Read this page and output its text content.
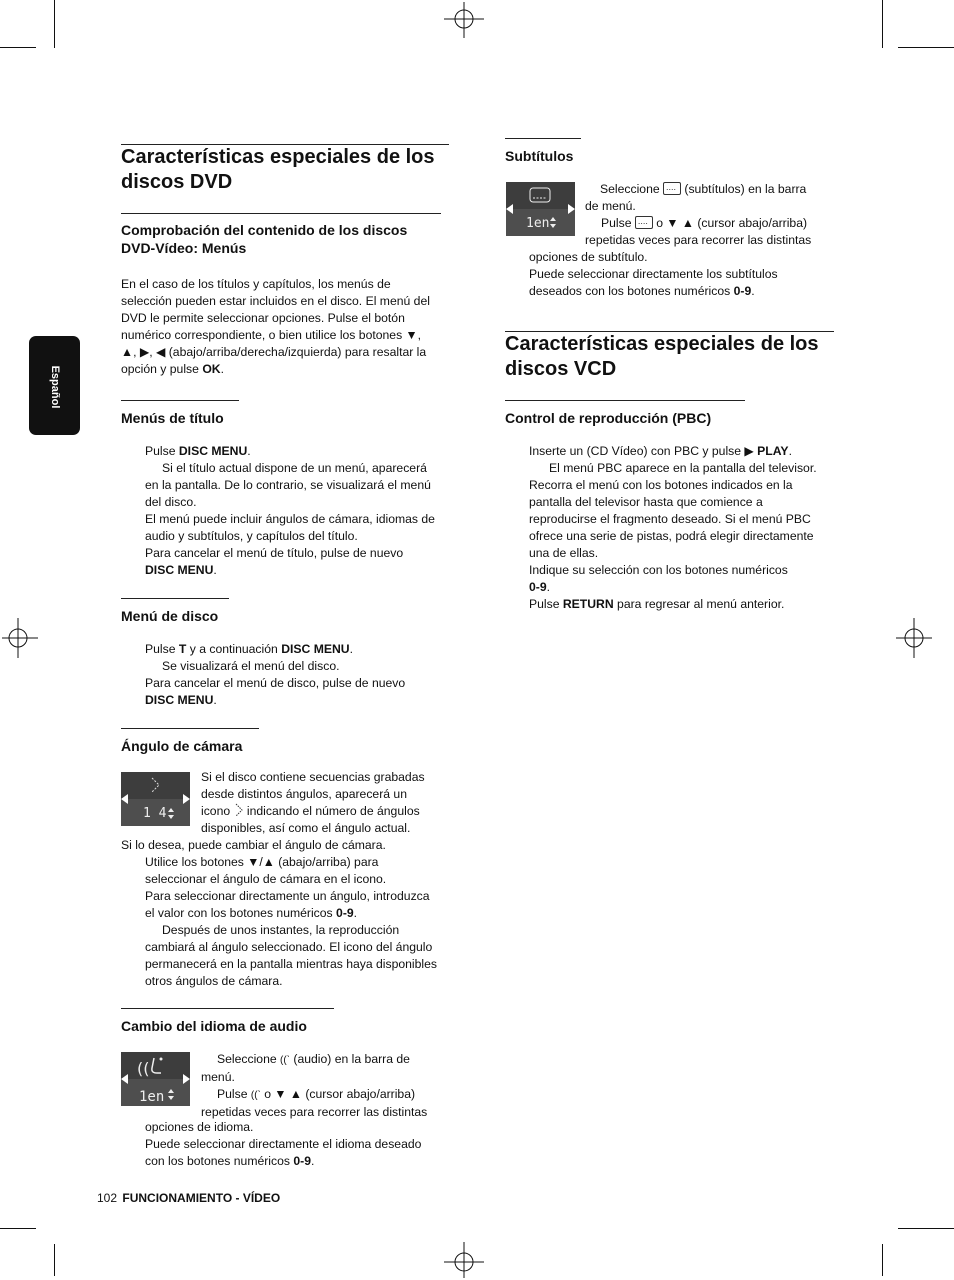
Español
Características especiales de los
discos DVD
Comprobación del contenido de los discos
DVD-Vídeo: Menús
En el caso de los títulos y capítulos, los menús de
selección pueden estar incluidos en el disco. El menú del
DVD le permite seleccionar opciones. Pulse el botón
numérico correspondiente, o bien utilice los botones ▼,
▲, ▶, ◀ (abajo/arriba/derecha/izquierda) para resaltar la
opción y pulse OK.
Menús de título
Pulse DISC MENU.
Si el título actual dispone de un menú, aparecerá
en la pantalla. De lo contrario, se visualizará el menú
del disco.
El menú puede incluir ángulos de cámara, idiomas de
audio y subtítulos, y capítulos del título.
Para cancelar el menú de título, pulse de nuevo
DISC MENU.
Menú de disco
Pulse T y a continuación DISC MENU.
Se visualizará el menú del disco.
Para cancelar el menú de disco, pulse de nuevo
DISC MENU.
Ángulo de cámara
1 4
Si el disco contiene secuencias grabadas
desde distintos ángulos, aparecerá un
icono  indicando el número de ángulos
disponibles, así como el ángulo actual.
Si lo desea, puede cambiar el ángulo de cámara.
Utilice los botones ▼/▲ (abajo/arriba) para
seleccionar el ángulo de cámara en el icono.
Para seleccionar directamente un ángulo, introduzca
el valor con los botones numéricos 0-9.
Después de unos instantes, la reproducción
cambiará al ángulo seleccionado. El icono del ángulo
permanecerá en la pantalla mientras haya disponibles
otros ángulos de cámara.
Cambio del idioma de audio
((
1en
Seleccione ((ˋ (audio) en la barra de
menú.
Pulse ((ˋ o ▼ ▲ (cursor abajo/arriba)
repetidas veces para recorrer las distintas
opciones de idioma.
Puede seleccionar directamente el idioma deseado
con los botones numéricos 0-9.
Subtítulos
1en
Seleccione .... (subtítulos) en la barra
de menú.
Pulse .... o ▼ ▲ (cursor abajo/arriba)
repetidas veces para recorrer las distintas
opciones de subtítulo.
Puede seleccionar directamente los subtítulos
deseados con los botones numéricos 0-9.
Características especiales de los
discos VCD
Control de reproducción (PBC)
Inserte un (CD Vídeo) con PBC y pulse ▶ PLAY.
El menú PBC aparece en la pantalla del televisor.
Recorra el menú con los botones indicados en la
pantalla del televisor hasta que comience a
reproducirse el fragmento deseado. Si el menú PBC
ofrece una serie de pistas, podrá elegir directamente
una de ellas.
Indique su selección con los botones numéricos
0-9.
Pulse RETURN para regresar al menú anterior.
102 FUNCIONAMIENTO - VÍDEO
